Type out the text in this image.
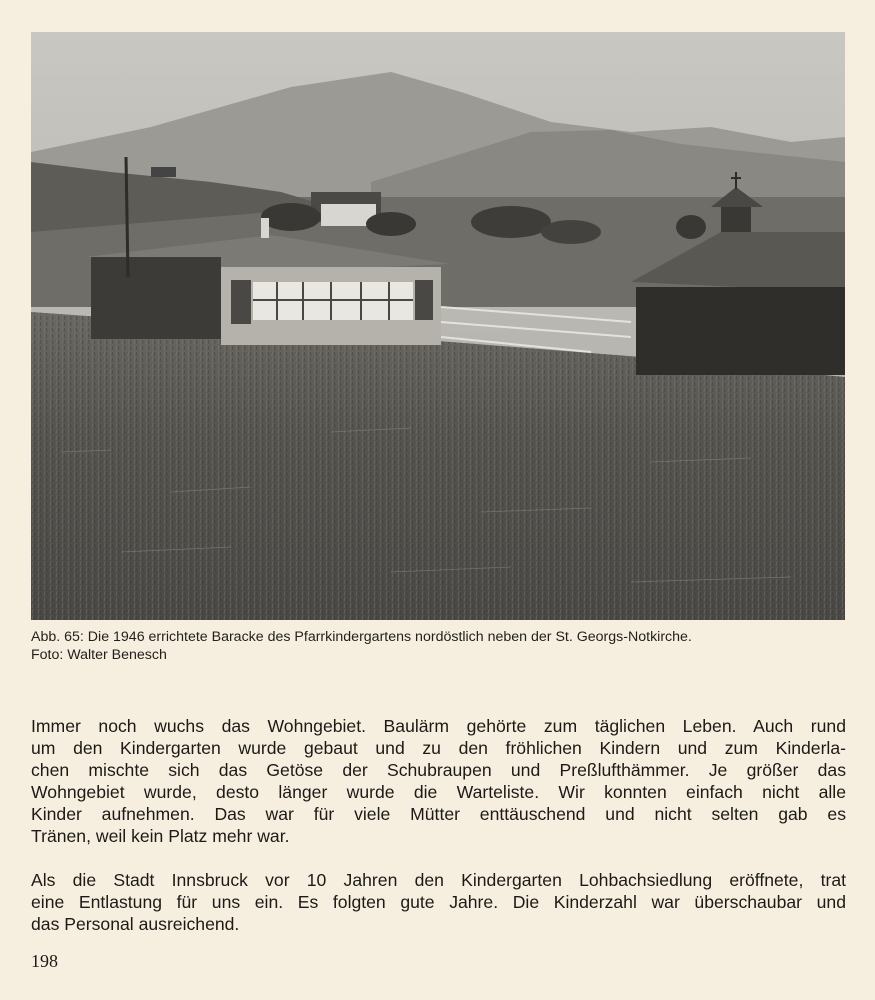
Abb. 65: Die 1946 errichtete Baracke des Pfarrkindergartens nordöstlich neben der St. Georgs-Notkirche.
Foto: Walter Benesch
Immer noch wuchs das Wohngebiet. Baulärm gehörte zum täglichen Leben. Auch rund
um den Kindergarten wurde gebaut und zu den fröhlichen Kindern und zum Kinderla-
chen mischte sich das Getöse der Schubraupen und Preßlufthämmer. Je größer das
Wohngebiet wurde, desto länger wurde die Warteliste. Wir konnten einfach nicht alle
Kinder aufnehmen. Das war für viele Mütter enttäuschend und nicht selten gab es
Tränen, weil kein Platz mehr war.
Als die Stadt Innsbruck vor 10 Jahren den Kindergarten Lohbachsiedlung eröffnete, trat
eine Entlastung für uns ein. Es folgten gute Jahre. Die Kinderzahl war überschaubar und
das Personal ausreichend.
198
